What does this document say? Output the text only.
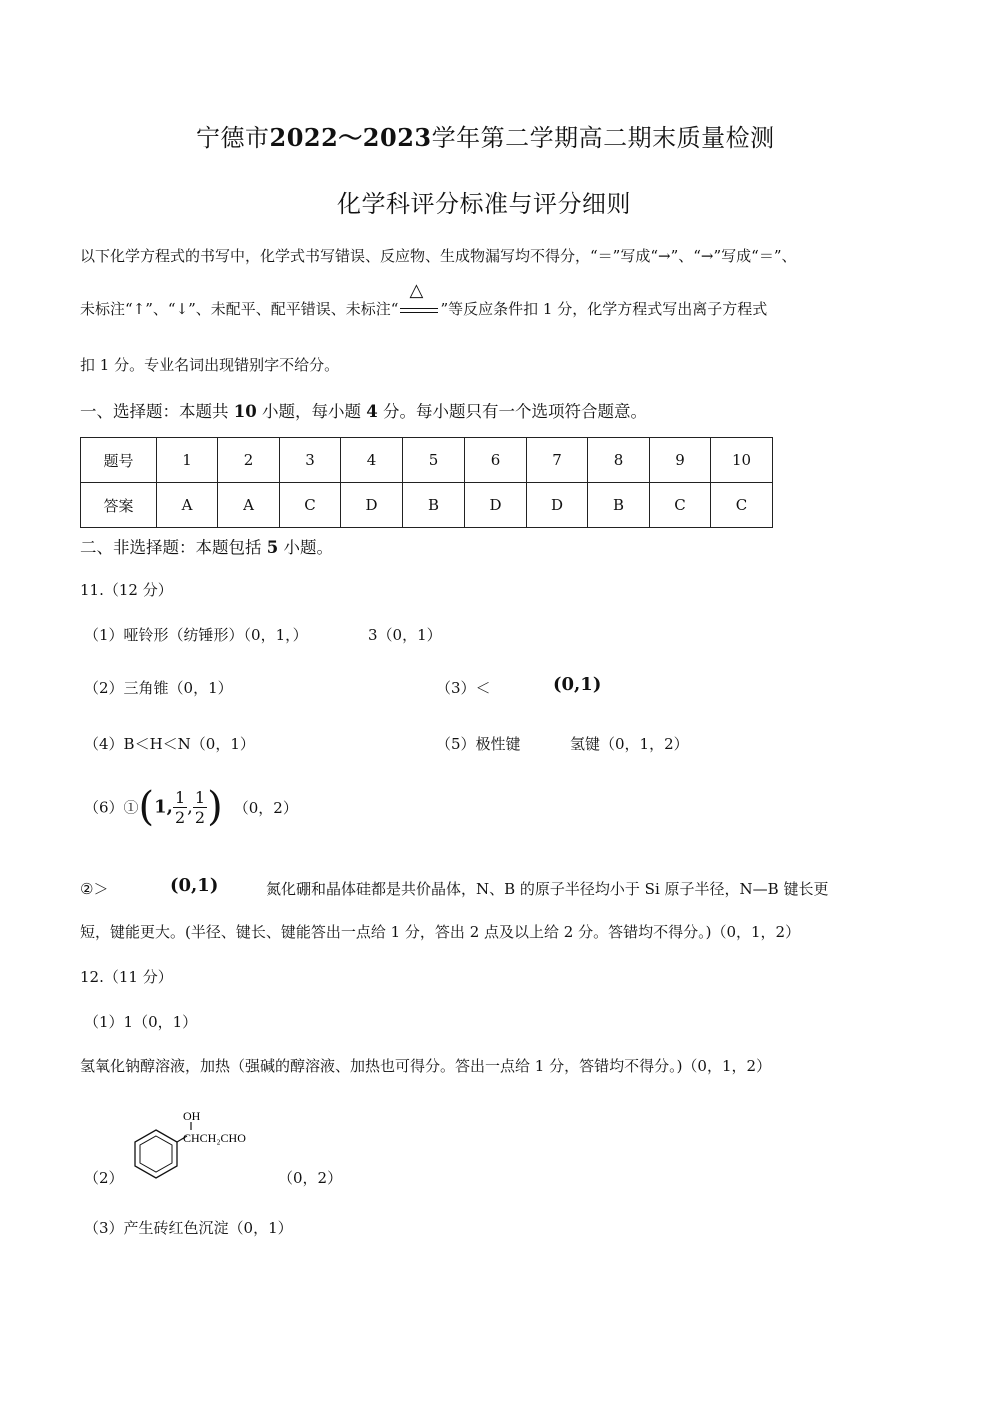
宁德市2022～2023学年第二学期高二期末质量检测
化学科评分标准与评分细则
以下化学方程式的书写中，化学式书写错误、反应物、生成物漏写均不得分，“＝”写成“→”、“→”写成“＝”、
未标注“↑”、“↓”、未配平、配平错误、未标注“
△
”等反应条件扣 1 分，化学方程式写出离子方程式
扣 1 分。专业名词出现错别字不给分。
一、选择题：本题共 10 小题，每小题 4 分。每小题只有一个选项符合题意。
题号	1	2	3	4	5	6	7	8	9	10
答案	A	A	C	D	B	D	D	B	C	C
二、非选择题：本题包括 5 小题。
11.（12 分）
（1）哑铃形（纺锤形）（0，1，）	3（0，1）
（2）三角锥（0，1）	（3）＜	(0,1)
（4）B＜H＜N（0，1）	（5）极性键	氢键（0，1，2）
（6）①(1, $\frac{1}{2}$ , $\frac{1}{2}$ ) （0，2）
②＞	(0,1)	氮化硼和晶体硅都是共价晶体，N、B 的原子半径均小于 Si 原子半径，N—B 键长更
短，键能更大。(半径、键长、键能答出一点给 1 分，答出 2 点及以上给 2 分。答错均不得分。)（0，1，2）
12.（11 分）
（1）1（0，1）
氢氧化钠醇溶液，加热（强碱的醇溶液、加热也可得分。答出一点给 1 分，答错均不得分。)（0，1，2）
（2）
OH
CHCH₂CHO
（0，2）
（3）产生砖红色沉淀（0，1）
